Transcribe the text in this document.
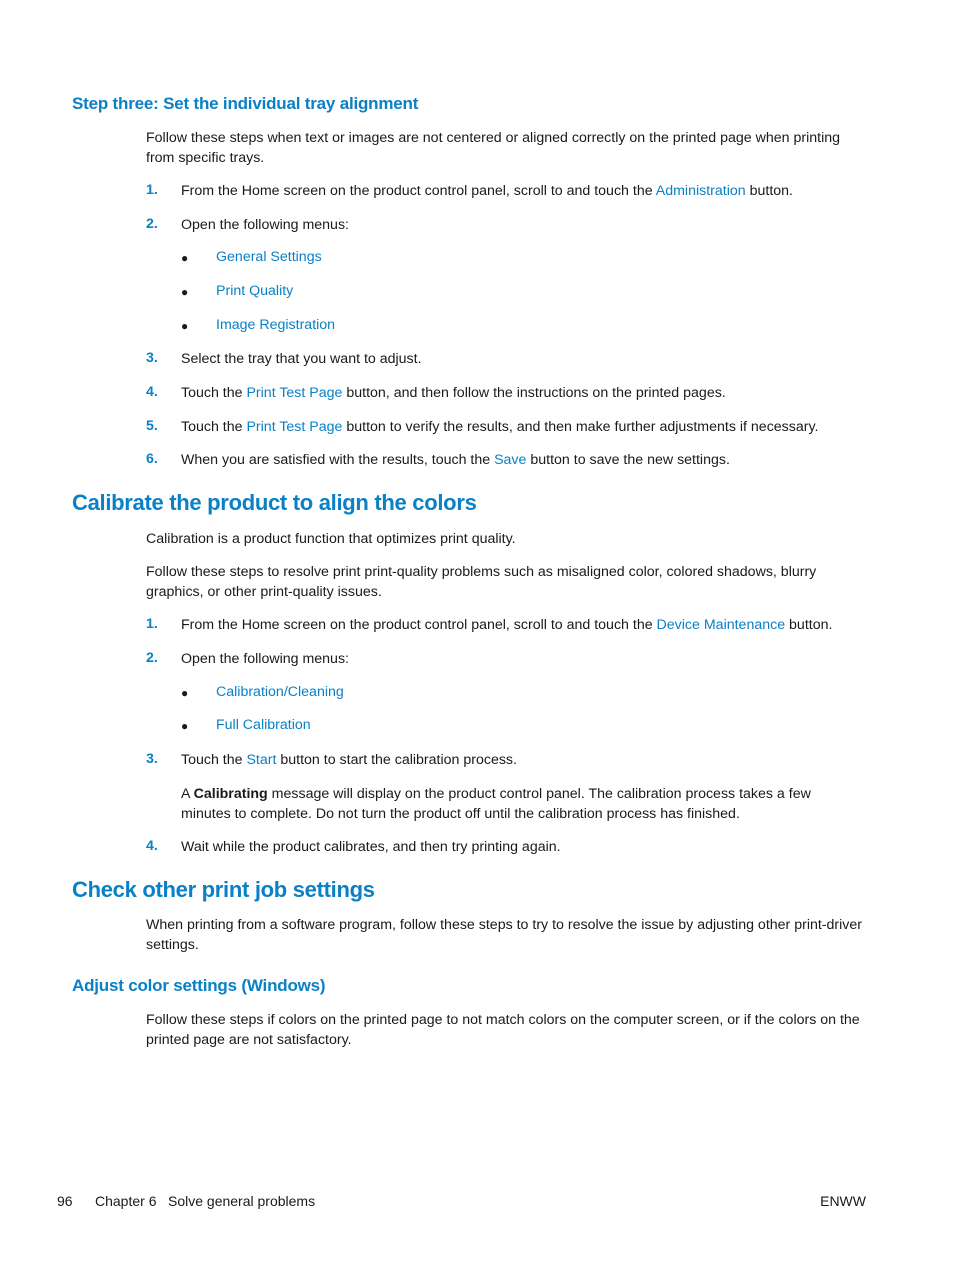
Step three: Set the individual tray alignment
Follow these steps when text or images are not centered or aligned correctly on the printed page when printing from specific trays.
1. From the Home screen on the product control panel, scroll to and touch the Administration button.
2. Open the following menus:
● General Settings
● Print Quality
● Image Registration
3. Select the tray that you want to adjust.
4. Touch the Print Test Page button, and then follow the instructions on the printed pages.
5. Touch the Print Test Page button to verify the results, and then make further adjustments if necessary.
6. When you are satisfied with the results, touch the Save button to save the new settings.
Calibrate the product to align the colors
Calibration is a product function that optimizes print quality.
Follow these steps to resolve print print-quality problems such as misaligned color, colored shadows, blurry graphics, or other print-quality issues.
1. From the Home screen on the product control panel, scroll to and touch the Device Maintenance button.
2. Open the following menus:
● Calibration/Cleaning
● Full Calibration
3. Touch the Start button to start the calibration process.
A Calibrating message will display on the product control panel. The calibration process takes a few minutes to complete. Do not turn the product off until the calibration process has finished.
4. Wait while the product calibrates, and then try printing again.
Check other print job settings
When printing from a software program, follow these steps to try to resolve the issue by adjusting other print-driver settings.
Adjust color settings (Windows)
Follow these steps if colors on the printed page to not match colors on the computer screen, or if the colors on the printed page are not satisfactory.
96 Chapter 6 Solve general problems	ENWW
